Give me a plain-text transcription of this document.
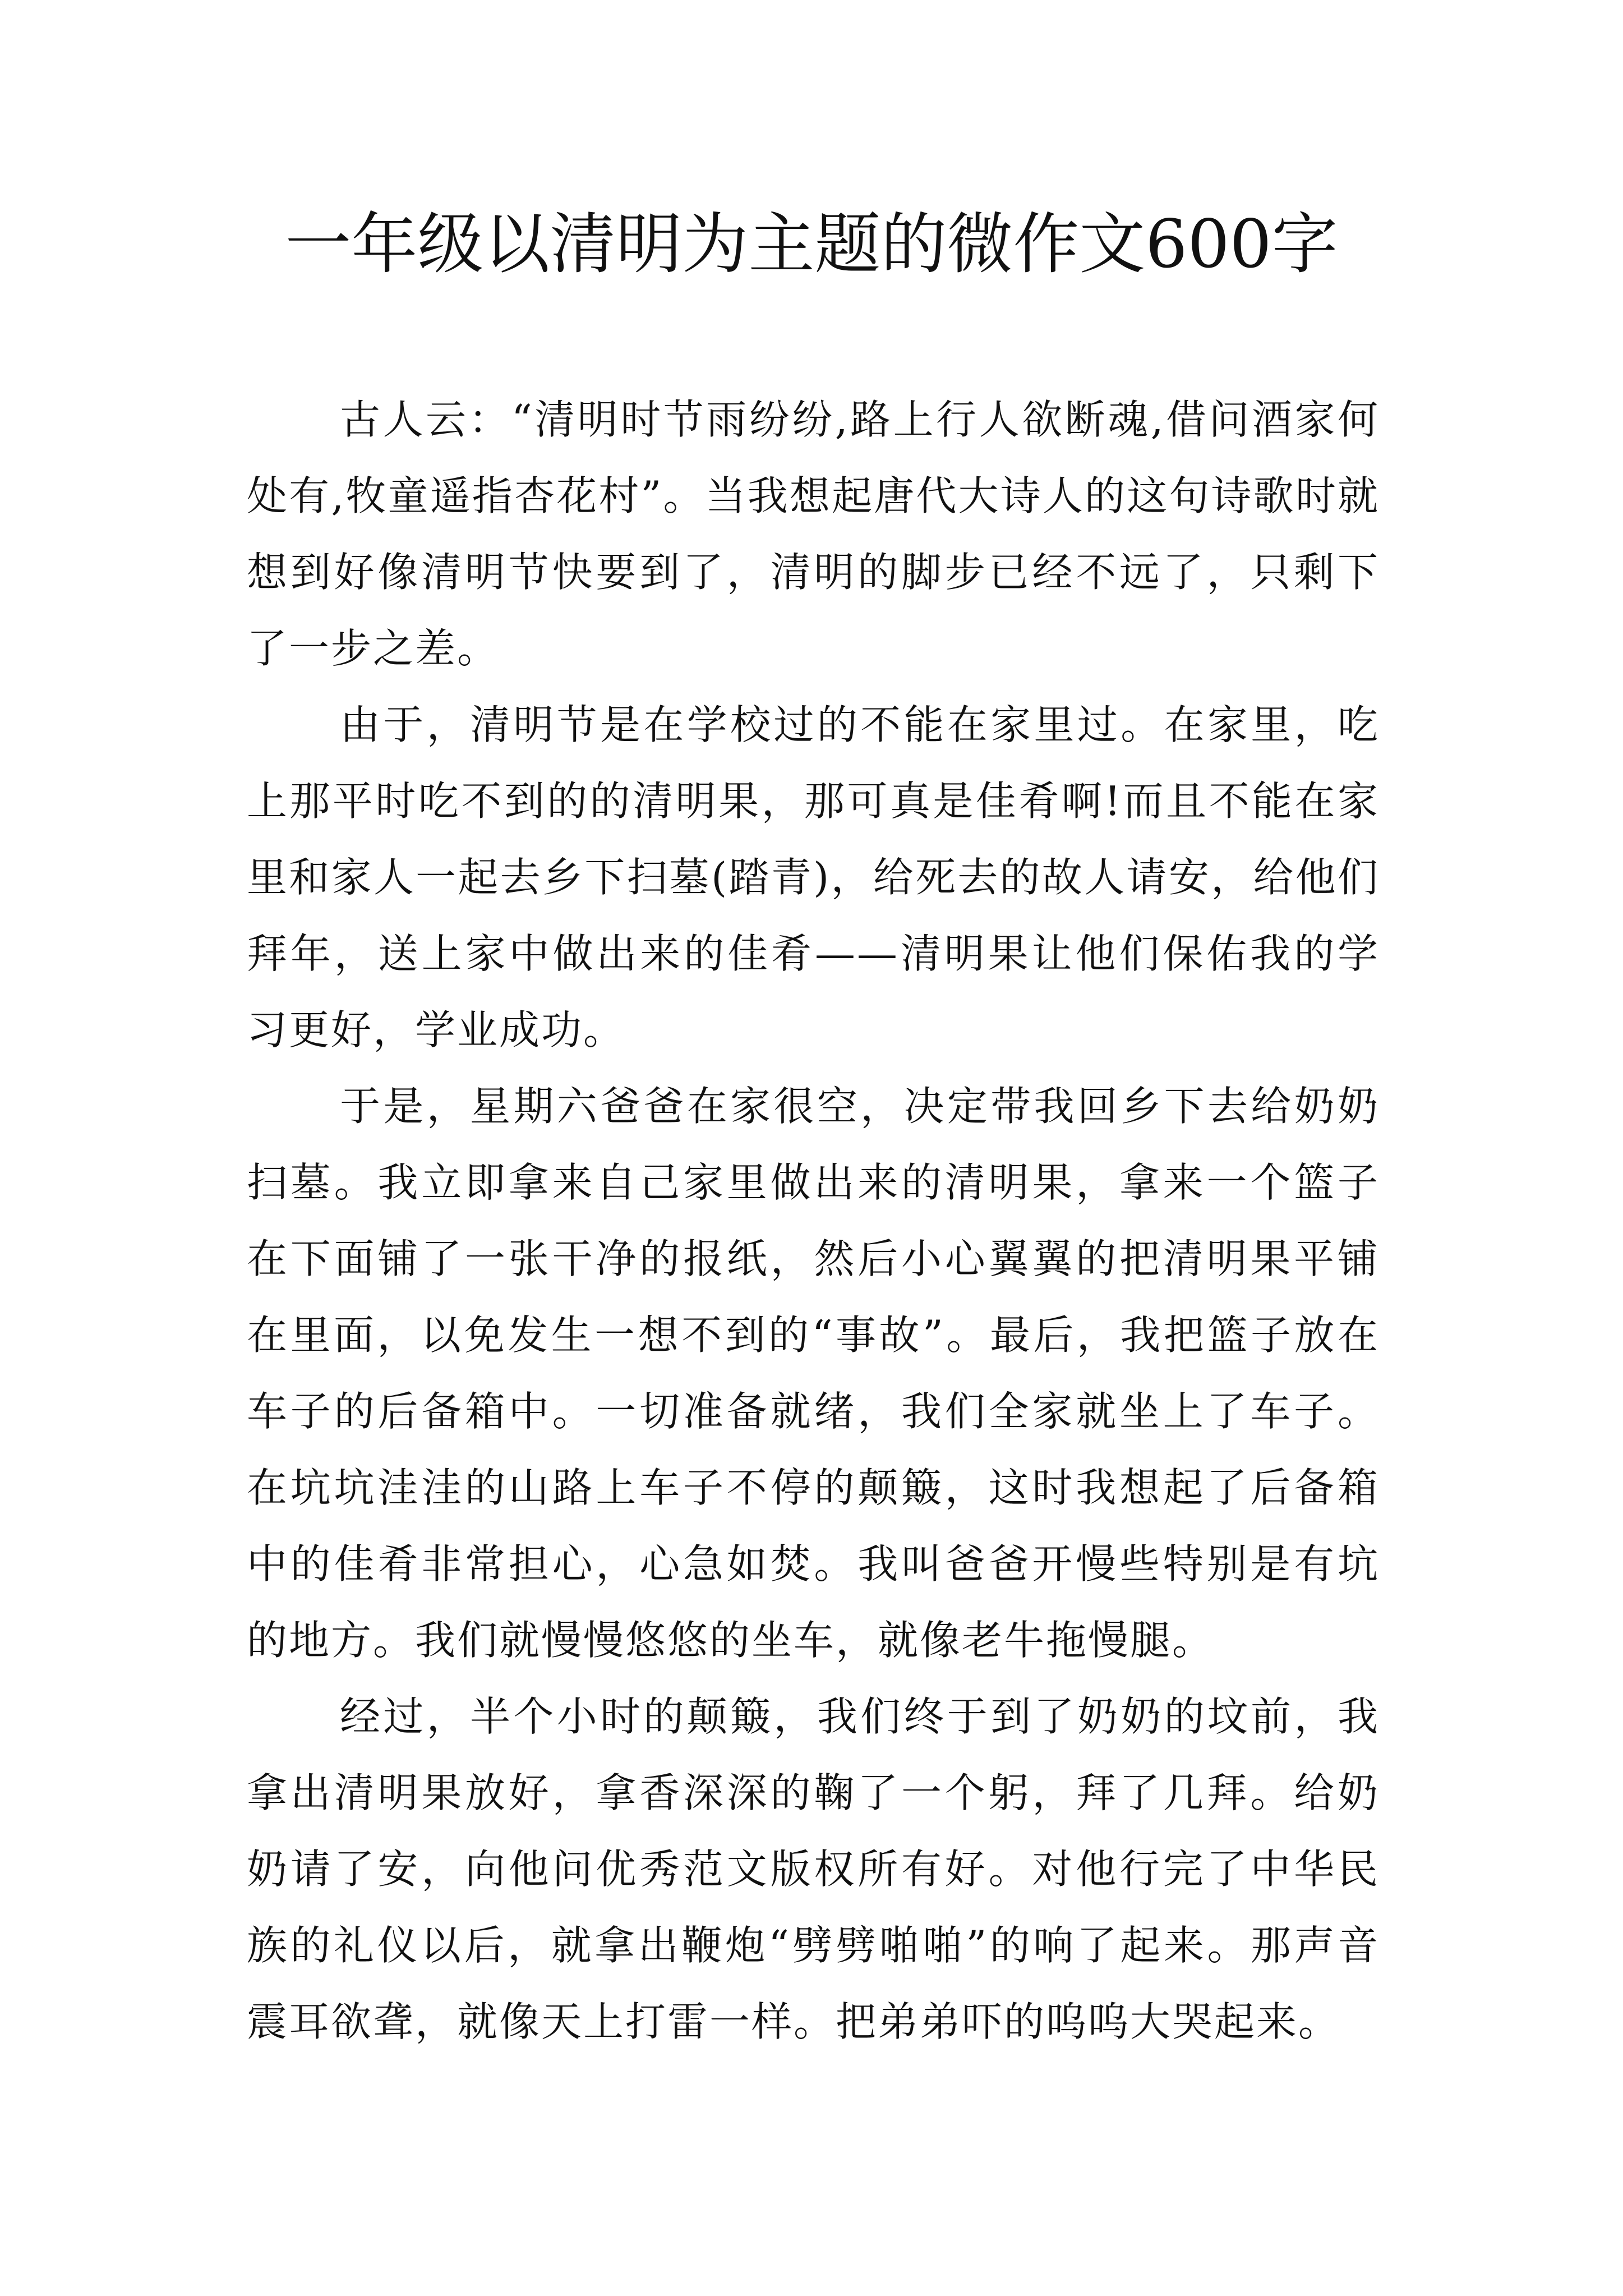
一年级以清明为主题的微作文600字

古人云：“清明时节雨纷纷,路上行人欲断魂,借问酒家何处有,牧童遥指杏花村”。当我想起唐代大诗人的这句诗歌时就想到好像清明节快要到了，清明的脚步已经不远了，只剩下了一步之差。

由于，清明节是在学校过的不能在家里过。在家里，吃上那平时吃不到的的清明果，那可真是佳肴啊!而且不能在家里和家人一起去乡下扫墓(踏青)，给死去的故人请安，给他们拜年，送上家中做出来的佳肴——清明果让他们保佑我的学习更好，学业成功。

于是，星期六爸爸在家很空，决定带我回乡下去给奶奶扫墓。我立即拿来自己家里做出来的清明果，拿来一个篮子在下面铺了一张干净的报纸，然后小心翼翼的把清明果平铺在里面，以免发生一想不到的“事故”。最后，我把篮子放在车子的后备箱中。一切准备就绪，我们全家就坐上了车子。在坑坑洼洼的山路上车子不停的颠簸，这时我想起了后备箱中的佳肴非常担心，心急如焚。我叫爸爸开慢些特别是有坑的地方。我们就慢慢悠悠的坐车，就像老牛拖慢腿。

经过，半个小时的颠簸，我们终于到了奶奶的坟前，我拿出清明果放好，拿香深深的鞠了一个躬，拜了几拜。给奶奶请了安，向他问优秀范文版权所有好。对他行完了中华民族的礼仪以后，就拿出鞭炮“劈劈啪啪”的响了起来。那声音震耳欲聋，就像天上打雷一样。把弟弟吓的呜呜大哭起来。
